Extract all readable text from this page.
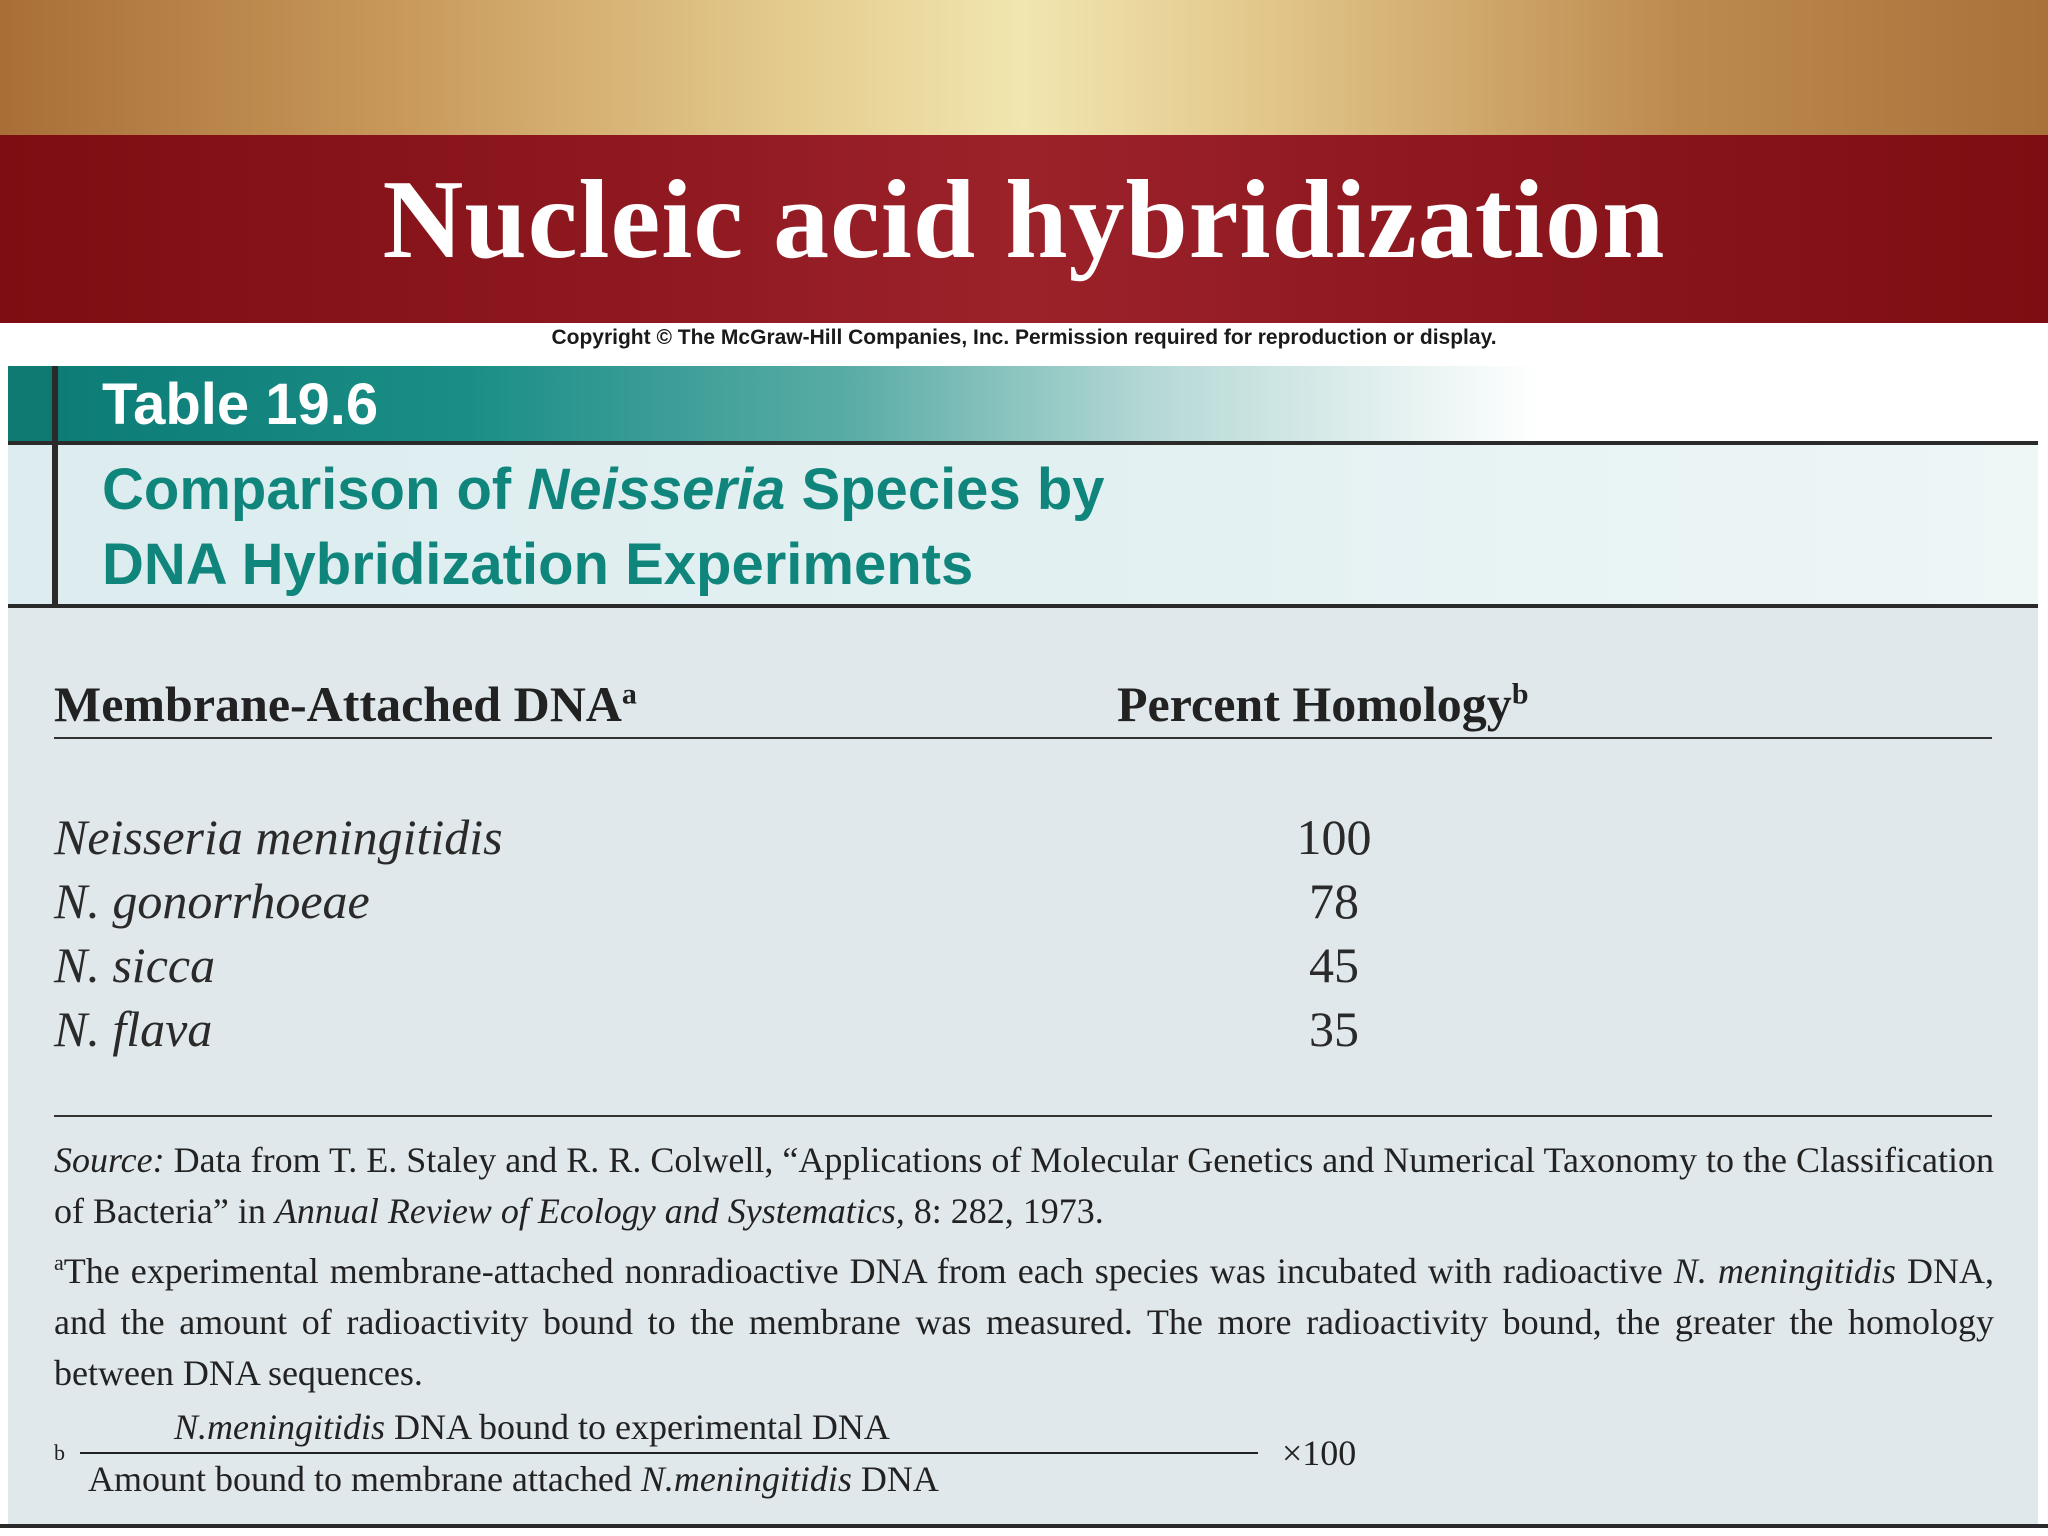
Nucleic acid hybridization
Copyright © The McGraw-Hill Companies, Inc. Permission required for reproduction or display.
Table 19.6
Comparison of Neisseria Species by
DNA Hybridization Experiments
Membrane-Attached DNA$^a$	Percent Homology$^b$
Neisseria meningitidis	100
N. gonorrhoeae	78
N. sicca	45
N. flava	35

Source: Data from T. E. Staley and R. R. Colwell, “Applications of Molecular Genetics and Numerical Taxonomy to the Classification of Bacteria” in Annual Review of Ecology and Systematics, 8: 282, 1973.

$^a$The experimental membrane-attached nonradioactive DNA from each species was incubated with radioactive N. meningitidis DNA, and the amount of radioactivity bound to the membrane was measured. The more radioactivity bound, the greater the homology between DNA sequences.

b
N.meningitidis DNA bound to experimental DNA
Amount bound to membrane attached N.meningitidis DNA
×100
